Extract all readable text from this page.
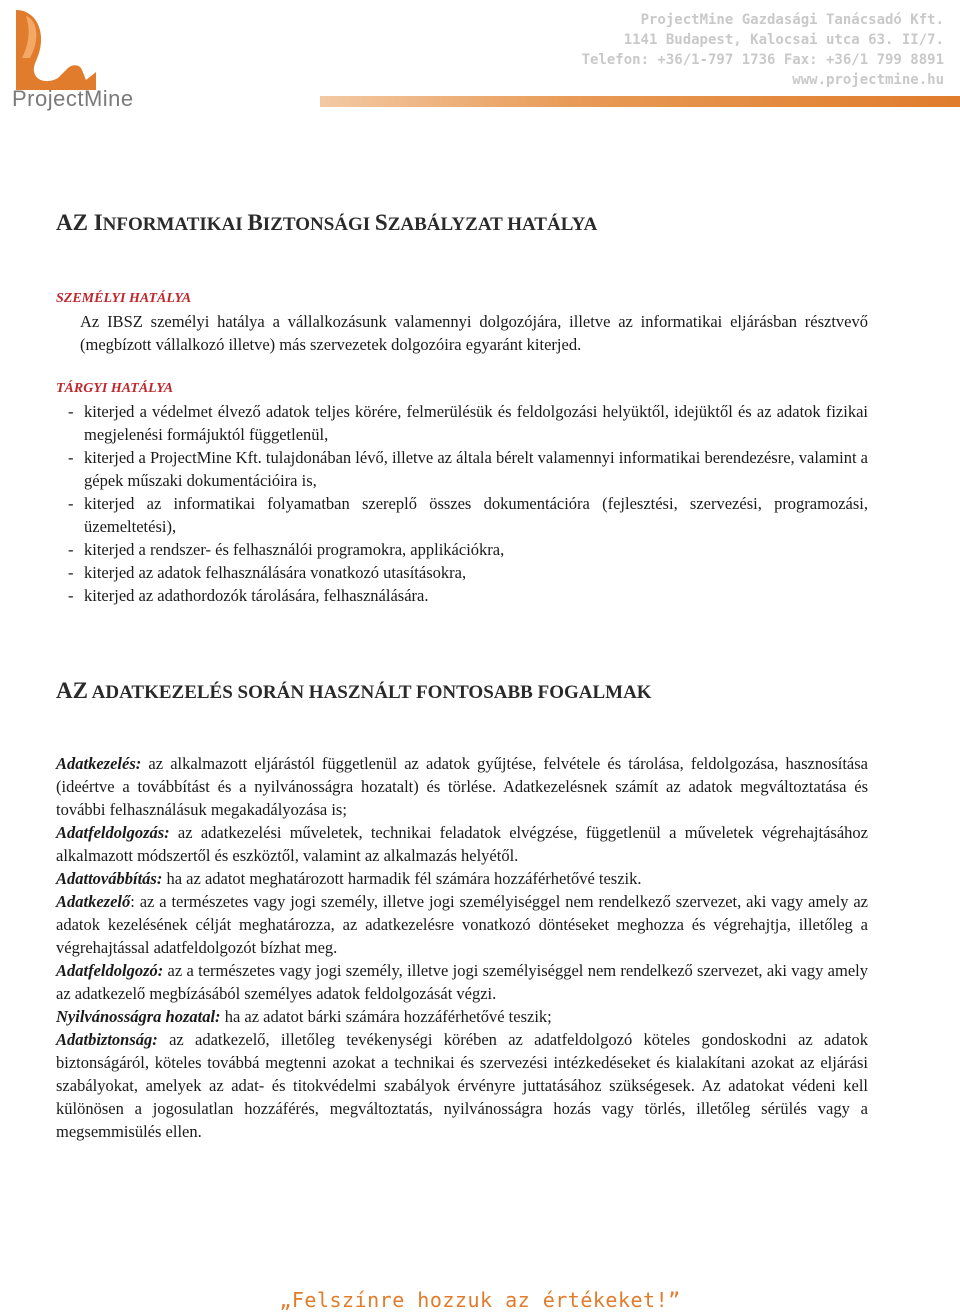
ProjectMine
ProjectMine Gazdasági Tanácsadó Kft.
1141 Budapest, Kalocsai utca 63. II/7.
Telefon: +36/1-797 1736 Fax: +36/1 799 8891
www.projectmine.hu
AZ INFORMATIKAI BIZTONSÁGI SZABÁLYZAT HATÁLYA
SZEMÉLYI HATÁLYA

Az IBSZ személyi hatálya a vállalkozásunk valamennyi dolgozójára, illetve az informatikai eljárásban résztvevő (megbízott vállalkozó illetve) más szervezetek dolgozóira egyaránt kiterjed.

TÁRGYI HATÁLYA
- kiterjed a védelmet élvező adatok teljes körére, felmerülésük és feldolgozási helyüktől, idejüktől és az adatok fizikai megjelenési formájuktól függetlenül,
- kiterjed a ProjectMine Kft. tulajdonában lévő, illetve az általa bérelt valamennyi informatikai berendezésre, valamint a gépek műszaki dokumentációira is,
- kiterjed az informatikai folyamatban szereplő összes dokumentációra (fejlesztési, szervezési, programozási, üzemeltetési),
- kiterjed a rendszer- és felhasználói programokra, applikációkra,
- kiterjed az adatok felhasználására vonatkozó utasításokra,
- kiterjed az adathordozók tárolására, felhasználására.
AZ ADATKEZELÉS SORÁN HASZNÁLT FONTOSABB FOGALMAK
Adatkezelés: az alkalmazott eljárástól függetlenül az adatok gyűjtése, felvétele és tárolása, feldolgozása, hasznosítása (ideértve a továbbítást és a nyilvánosságra hozatalt) és törlése. Adatkezelésnek számít az adatok megváltoztatása és további felhasználásuk megakadályozása is;
Adatfeldolgozás: az adatkezelési műveletek, technikai feladatok elvégzése, függetlenül a műveletek végrehajtásához alkalmazott módszertől és eszköztől, valamint az alkalmazás helyétől.
Adattovábbítás: ha az adatot meghatározott harmadik fél számára hozzáférhetővé teszik.
Adatkezelő: az a természetes vagy jogi személy, illetve jogi személyiséggel nem rendelkező szervezet, aki vagy amely az adatok kezelésének célját meghatározza, az adatkezelésre vonatkozó döntéseket meghozza és végrehajtja, illetőleg a végrehajtással adatfeldolgozót bízhat meg.
Adatfeldolgozó: az a természetes vagy jogi személy, illetve jogi személyiséggel nem rendelkező szervezet, aki vagy amely az adatkezelő megbízásából személyes adatok feldolgozását végzi.
Nyilvánosságra hozatal: ha az adatot bárki számára hozzáférhetővé teszik;
Adatbiztonság: az adatkezelő, illetőleg tevékenységi körében az adatfeldolgozó köteles gondoskodni az adatok biztonságáról, köteles továbbá megtenni azokat a technikai és szervezési intézkedéseket és kialakítani azokat az eljárási szabályokat, amelyek az adat- és titokvédelmi szabályok érvényre juttatásához szükségesek. Az adatokat védeni kell különösen a jogosulatlan hozzáférés, megváltoztatás, nyilvánosságra hozás vagy törlés, illetőleg sérülés vagy a megsemmisülés ellen.
„Felszínre hozzuk az értékeket!”
